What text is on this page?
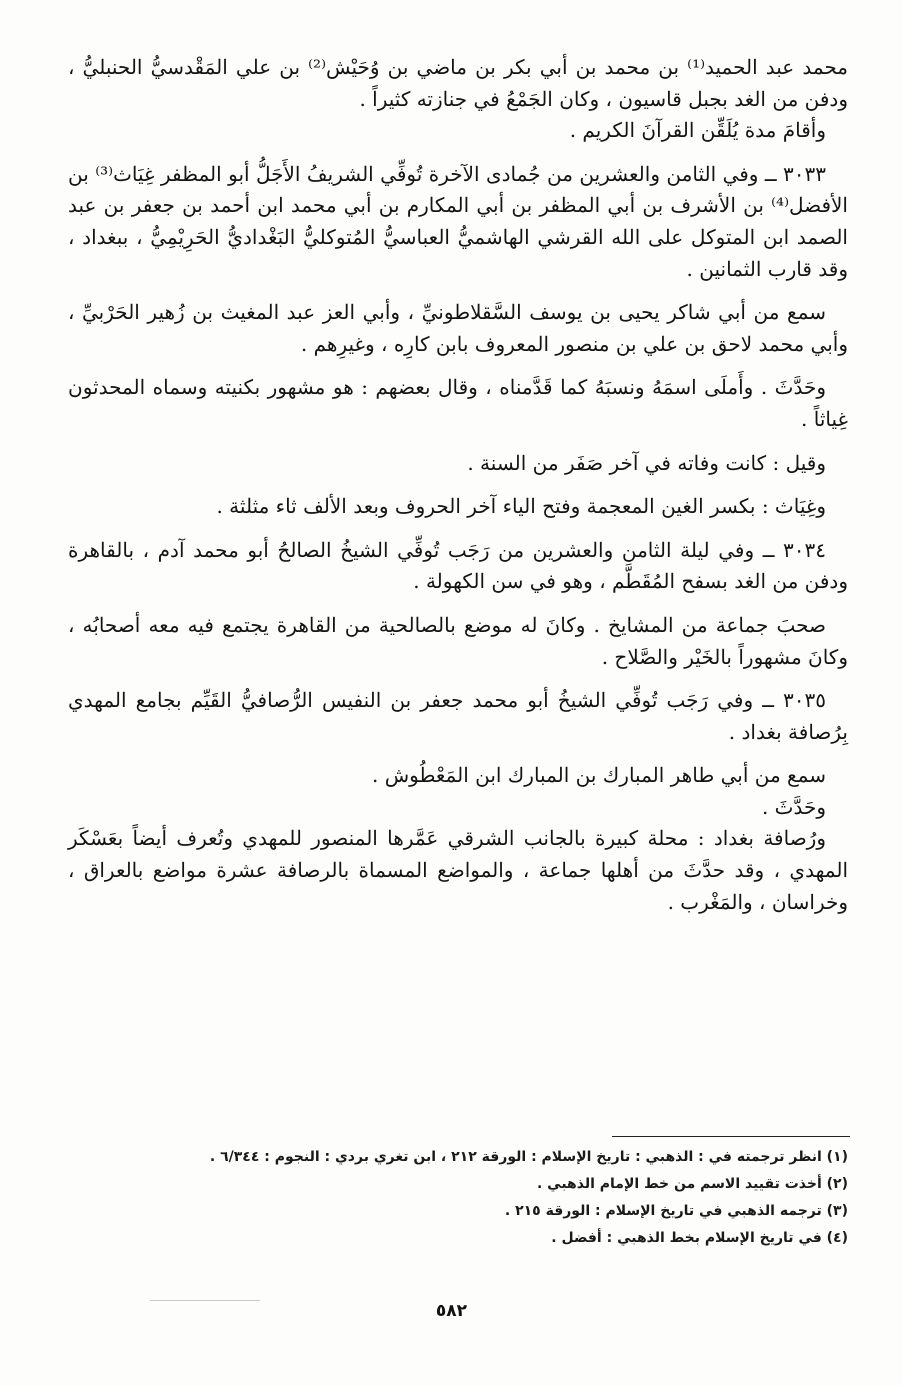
محمد عبد الحميد⁽¹⁾ بن محمد بن أبي بكر بن ماضي بن وُحَيْش⁽²⁾ بن علي المَقْدسيُّ الحنبليُّ ، ودفن من الغد بجبل قاسيون ، وكان الجَمْعُ في جنازته كثيراً .

وأقامَ مدة يُلَقِّن القرآنَ الكريم .

٣٠٣٣ ــ وفي الثامن والعشرين من جُمادى الآخرة تُوفِّي الشريفُ الأَجَلُّ أبو المظفر غِيَاث⁽³⁾ بن الأفضل⁽⁴⁾ بن الأشرف بن أبي المظفر بن أبي المكارم بن أبي محمد ابن أحمد بن جعفر بن عبد الصمد ابن المتوكل على الله القرشي الهاشميُّ العباسيُّ المُتوكليُّ البَغْداديُّ الحَرِيْمِيُّ ، ببغداد ، وقد قارب الثمانين .

سمع من أبي شاكر يحيى بن يوسف السَّقلاطونيِّ ، وأبي العز عبد المغيث بن زُهير الحَرْبيِّ ، وأبي محمد لاحق بن علي بن منصور المعروف بابن كارِه ، وغيرِهم .

وحَدَّثَ . وأَملَى اسمَهُ ونسبَهُ كما قَدَّمناه ، وقال بعضهم : هو مشهور بكنيته وسماه المحدثون غِياثاً .

وقيل : كانت وفاته في آخر صَفَر من السنة .

وغِيَاث : بكسر الغين المعجمة وفتح الياء آخر الحروف وبعد الألف ثاء مثلثة .

٣٠٣٤ ــ وفي ليلة الثامن والعشرين من رَجَب تُوفِّي الشيخُ الصالحُ أبو محمد آدم ، بالقاهرة ودفن من الغد بسفح المُقَطَّم ، وهو في سن الكهولة .

صحبَ جماعة من المشايخ . وكانَ له موضع بالصالحية من القاهرة يجتمع فيه معه أصحابُه ، وكانَ مشهوراً بالخَيْر والصَّلاح .

٣٠٣٥ ــ وفي رَجَب تُوفِّي الشيخُ أبو محمد جعفر بن النفيس الرُّصافيُّ القَيِّم بجامع المهدي بِرُصافة بغداد .

سمع من أبي طاهر المبارك بن المبارك ابن المَعْطُوش .

وحَدَّثَ .

ورُصافة بغداد : محلة كبيرة بالجانب الشرقي عَمَّرها المنصور للمهدي وتُعرف أيضاً بعَسْكَر المهدي ، وقد حدَّثَ من أهلها جماعة ، والمواضع المسماة بالرصافة عشرة مواضع بالعراق ، وخراسان ، والمَغْرب .

(١) انظر ترجمته في : الذهبي : تاريخ الإسلام : الورقة ٢١٢ ، ابن تغري بردي : النجوم : ٦/٣٤٤ .
(٢) أخذت تقييد الاسم من خط الإمام الذهبي .
(٣) ترجمه الذهبي في تاريخ الإسلام : الورقة ٢١٥ .
(٤) في تاريخ الإسلام بخط الذهبي : أفضل .
٥٨٢
